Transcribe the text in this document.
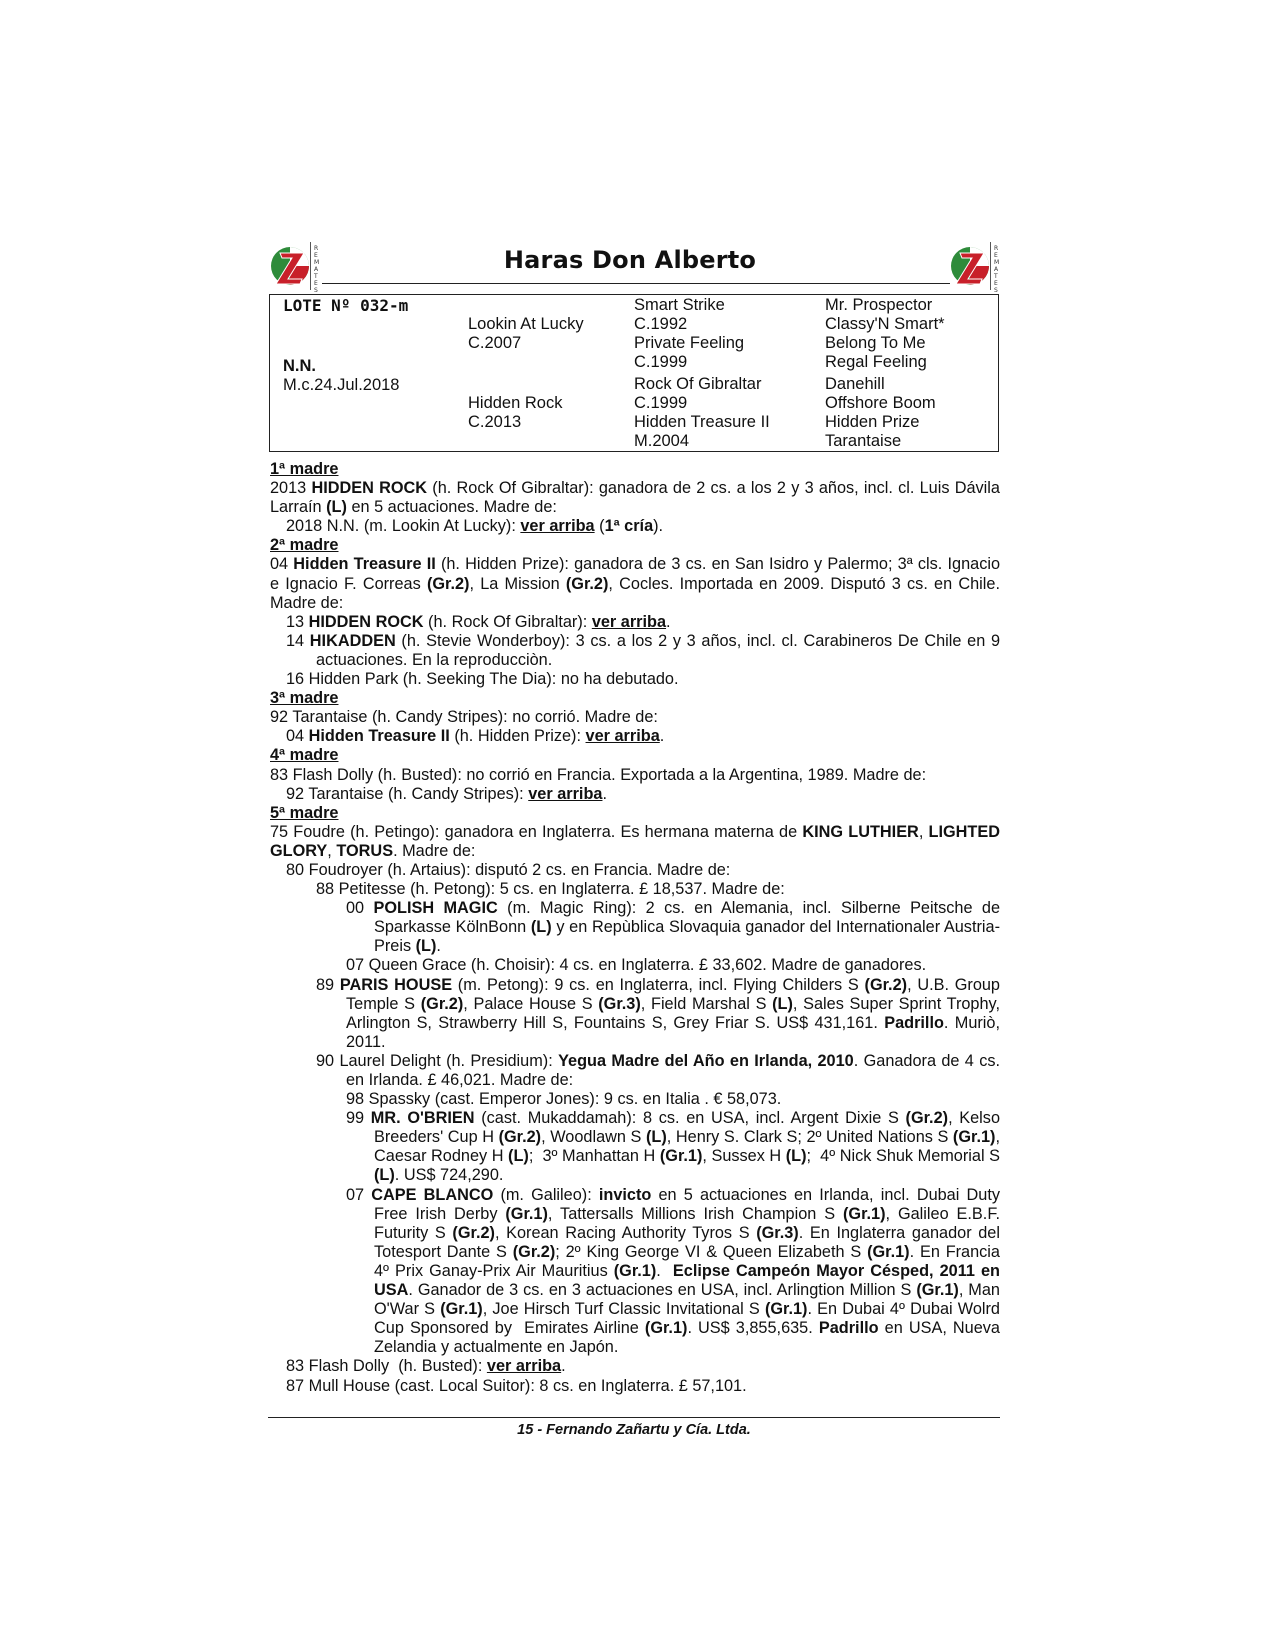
R
E
M
A
T
E
S
Haras Don Alberto	R
E
M
A
T
E
S
LOTE Nº 032-m
N.N.
M.c.24.Jul.2018
Lookin At Lucky
C.2007
Hidden Rock
C.2013
Smart Strike
C.1992
Private Feeling
C.1999
Rock Of Gibraltar
C.1999
Hidden Treasure II
M.2004
Mr. Prospector
Classy'N Smart*
Belong To Me
Regal Feeling
Danehill
Offshore Boom
Hidden Prize
Tarantaise

1ª madre

2013 HIDDEN ROCK (h. Rock Of Gibraltar): ganadora de 2 cs. a los 2 y 3 años, incl. cl. Luis Dávila Larraín (L) en 5 actuaciones. Madre de:

2018 N.N. (m. Lookin At Lucky): ver arriba (1ª cría).

2ª madre

04 Hidden Treasure II (h. Hidden Prize): ganadora de 3 cs. en San Isidro y Palermo; 3ª cls. Ignacio e Ignacio F. Correas (Gr.2), La Mission (Gr.2), Cocles. Importada en 2009. Disputó 3 cs. en Chile. Madre de:

13 HIDDEN ROCK (h. Rock Of Gibraltar): ver arriba.

14 HIKADDEN (h. Stevie Wonderboy): 3 cs. a los 2 y 3 años, incl. cl. Carabineros De Chile en 9 actuaciones. En la reproducciòn.

16 Hidden Park (h. Seeking The Dia): no ha debutado.

3ª madre

92 Tarantaise (h. Candy Stripes): no corrió. Madre de:

04 Hidden Treasure II (h. Hidden Prize): ver arriba.

4ª madre

83 Flash Dolly (h. Busted): no corrió en Francia. Exportada a la Argentina, 1989. Madre de:

92 Tarantaise (h. Candy Stripes): ver arriba.

5ª madre

75 Foudre (h. Petingo): ganadora en Inglaterra. Es hermana materna de KING LUTHIER, LIGHTED GLORY, TORUS. Madre de:

80 Foudroyer (h. Artaius): disputó 2 cs. en Francia. Madre de:

88 Petitesse (h. Petong): 5 cs. en Inglaterra. £ 18,537. Madre de:

00 POLISH MAGIC (m. Magic Ring): 2 cs. en Alemania, incl. Silberne Peitsche de Sparkasse KölnBonn (L) y en Repùblica Slovaquia ganador del Internationaler Austria-Preis (L).

07 Queen Grace (h. Choisir): 4 cs. en Inglaterra. £ 33,602. Madre de ganadores.

89 PARIS HOUSE (m. Petong): 9 cs. en Inglaterra, incl. Flying Childers S (Gr.2), U.B. Group Temple S (Gr.2), Palace House S (Gr.3), Field Marshal S (L), Sales Super Sprint Trophy, Arlington S, Strawberry Hill S, Fountains S, Grey Friar S. US$ 431,161. Padrillo. Muriò, 2011.

90 Laurel Delight (h. Presidium): Yegua Madre del Año en Irlanda, 2010. Ganadora de 4 cs. en Irlanda. £ 46,021. Madre de:

98 Spassky (cast. Emperor Jones): 9 cs. en Italia . € 58,073.

99 MR. O'BRIEN (cast. Mukaddamah): 8 cs. en USA, incl. Argent Dixie S (Gr.2), Kelso Breeders' Cup H (Gr.2), Woodlawn S (L), Henry S. Clark S; 2º United Nations S (Gr.1), Caesar Rodney H (L);  3º Manhattan H (Gr.1), Sussex H (L);  4º Nick Shuk Memorial S (L). US$ 724,290.

07 CAPE BLANCO (m. Galileo): invicto en 5 actuaciones en Irlanda, incl. Dubai Duty Free Irish Derby (Gr.1), Tattersalls Millions Irish Champion S (Gr.1), Galileo E.B.F. Futurity S (Gr.2), Korean Racing Authority Tyros S (Gr.3). En Inglaterra ganador del Totesport Dante S (Gr.2); 2º King George VI & Queen Elizabeth S (Gr.1). En Francia 4º Prix Ganay-Prix Air Mauritius (Gr.1).  Eclipse Campeón Mayor Césped, 2011 en USA. Ganador de 3 cs. en 3 actuaciones en USA, incl. Arlingtion Million S (Gr.1), Man O'War S (Gr.1), Joe Hirsch Turf Classic Invitational S (Gr.1). En Dubai 4º Dubai Wolrd Cup Sponsored by  Emirates Airline (Gr.1). US$ 3,855,635. Padrillo en USA, Nueva Zelandia y actualmente en Japón.

83 Flash Dolly  (h. Busted): ver arriba.

87 Mull House (cast. Local Suitor): 8 cs. en Inglaterra. £ 57,101.

15 - Fernando Zañartu y Cía. Ltda.
